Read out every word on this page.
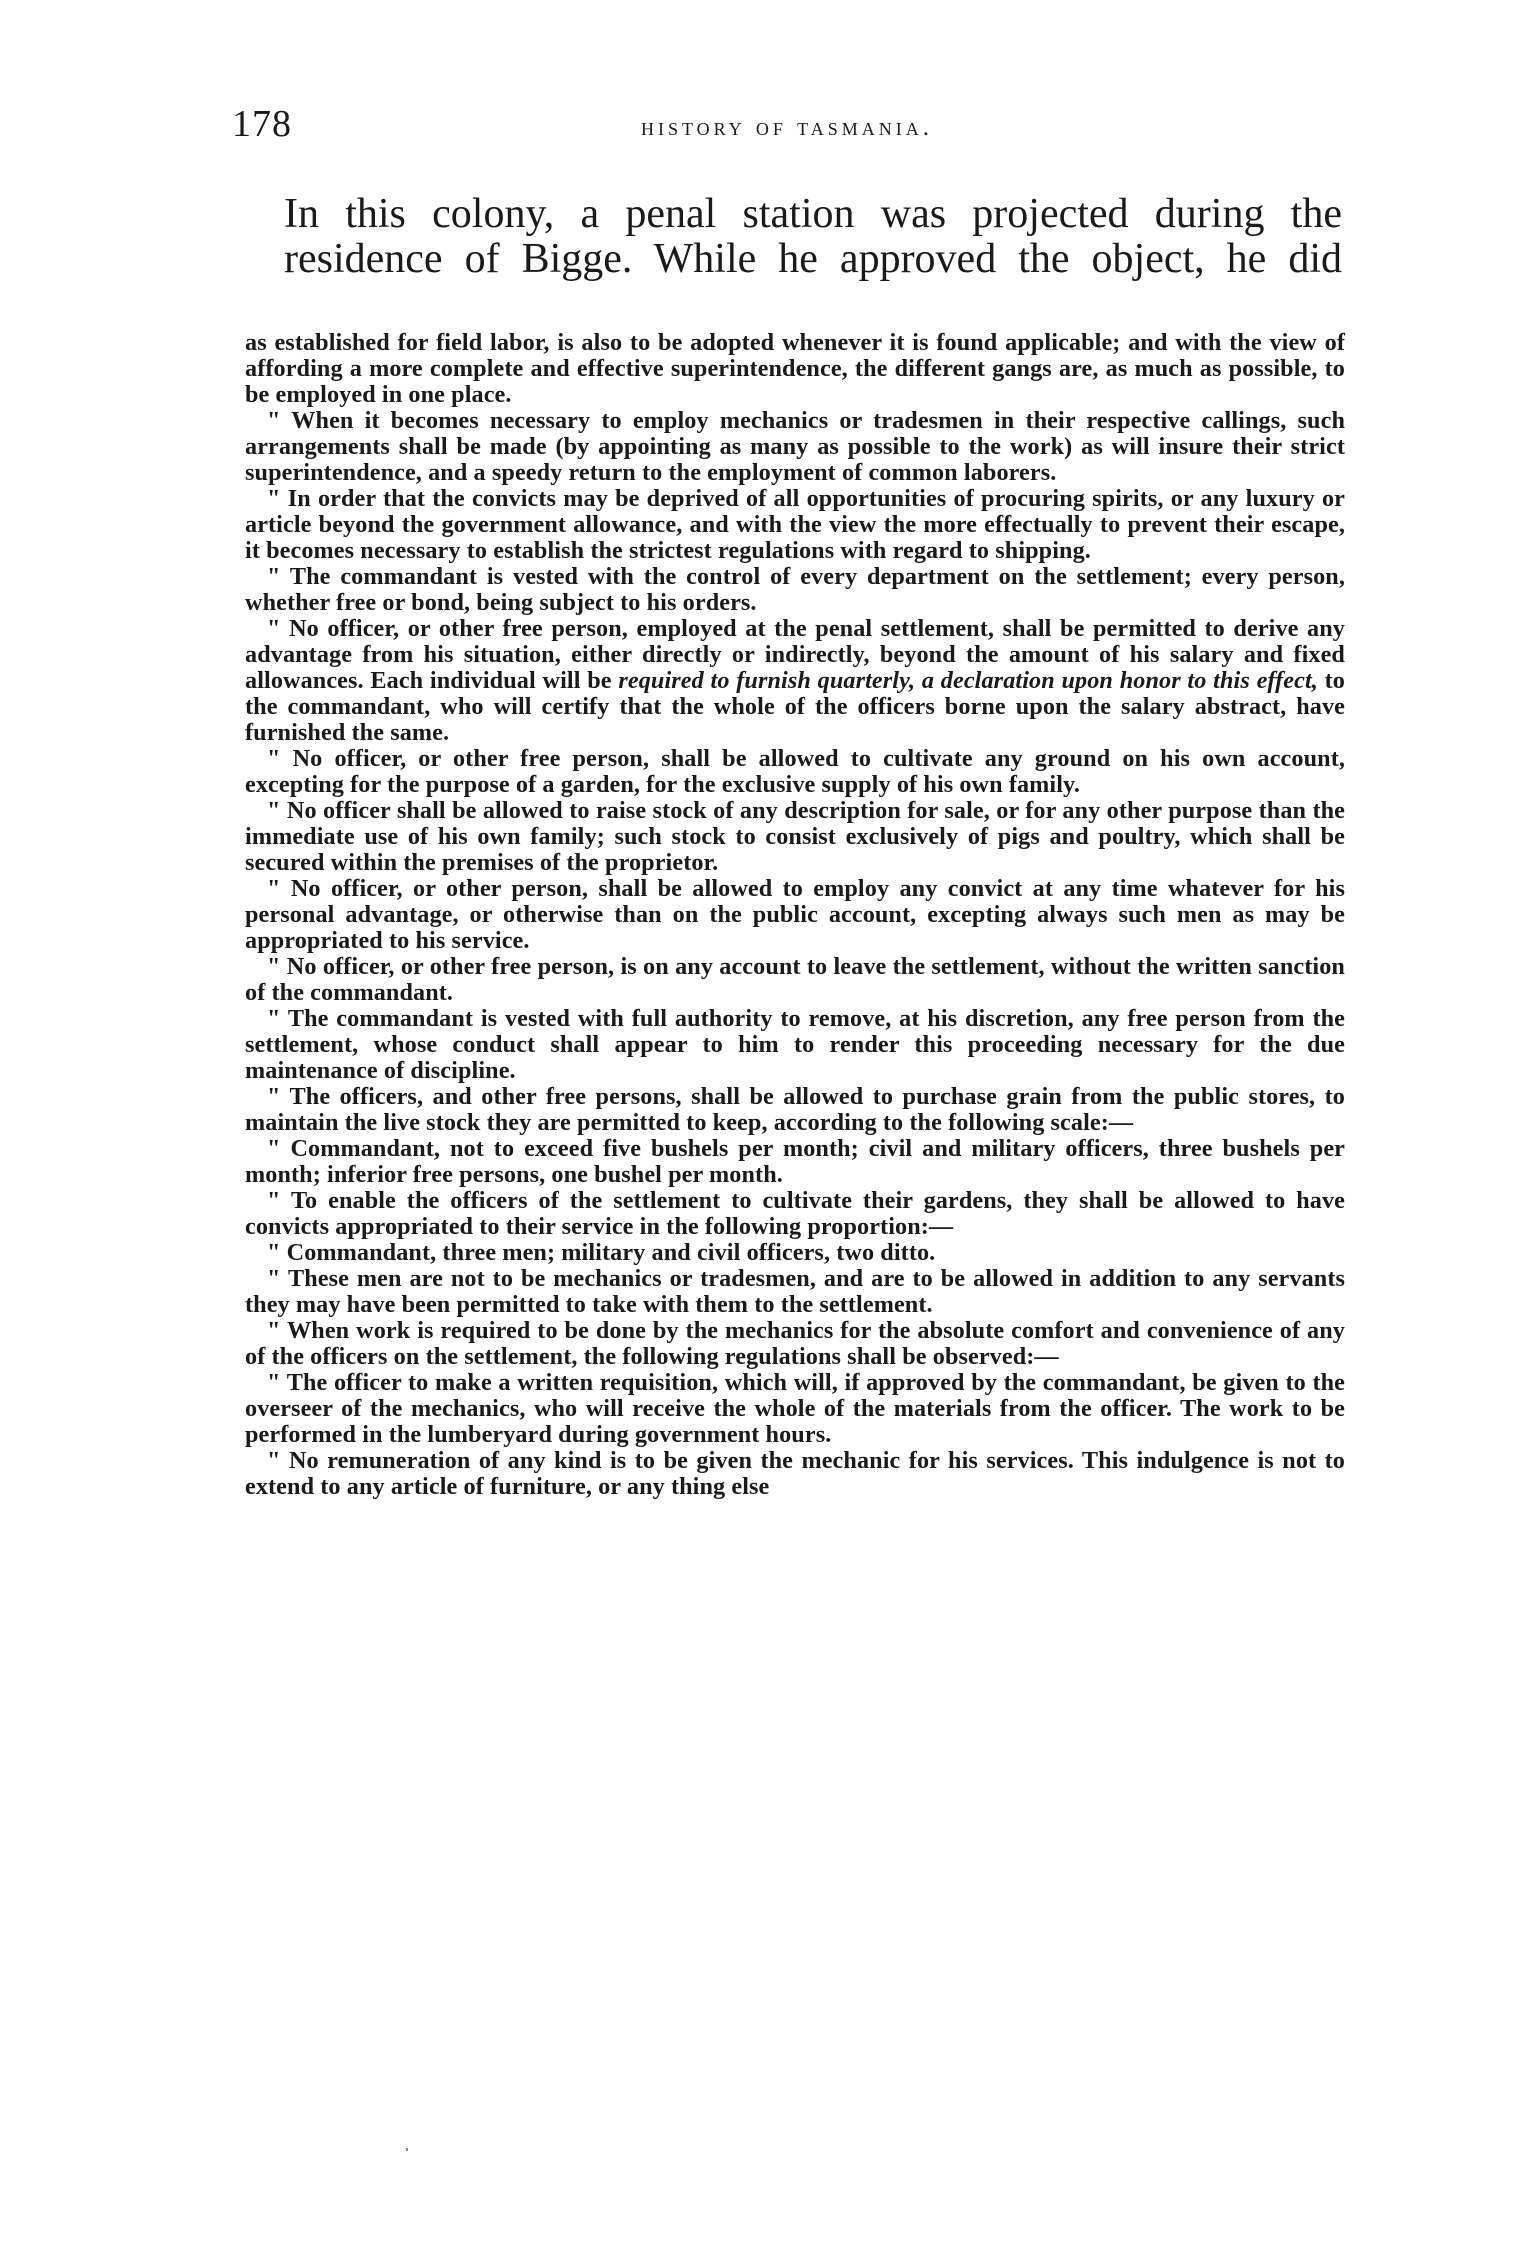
178	history of tasmania.
In this colony, a penal station was projected during the
residence of Bigge. While he approved the object, he did

as established for field labor, is also to be adopted whenever it is found applicable; and with the view of affording a more complete and effective superintendence, the different gangs are, as much as possible, to be employed in one place.

" When it becomes necessary to employ mechanics or tradesmen in their respective callings, such arrangements shall be made (by appointing as many as possible to the work) as will insure their strict superintendence, and a speedy return to the employment of common laborers.

" In order that the convicts may be deprived of all opportunities of procuring spirits, or any luxury or article beyond the government allowance, and with the view the more effectually to prevent their escape, it becomes necessary to establish the strictest regulations with regard to shipping.

" The commandant is vested with the control of every department on the settlement; every person, whether free or bond, being subject to his orders.

" No officer, or other free person, employed at the penal settlement, shall be permitted to derive any advantage from his situation, either directly or indirectly, beyond the amount of his salary and fixed allowances. Each individual will be required to furnish quarterly, a declaration upon honor to this effect, to the commandant, who will certify that the whole of the officers borne upon the salary abstract, have furnished the same.

" No officer, or other free person, shall be allowed to cultivate any ground on his own account, excepting for the purpose of a garden, for the exclusive supply of his own family.

" No officer shall be allowed to raise stock of any description for sale, or for any other purpose than the immediate use of his own family; such stock to consist exclusively of pigs and poultry, which shall be secured within the premises of the proprietor.

" No officer, or other person, shall be allowed to employ any convict at any time whatever for his personal advantage, or otherwise than on the public account, excepting always such men as may be appropriated to his service.

" No officer, or other free person, is on any account to leave the settlement, without the written sanction of the commandant.

" The commandant is vested with full authority to remove, at his discretion, any free person from the settlement, whose conduct shall appear to him to render this proceeding necessary for the due maintenance of discipline.

" The officers, and other free persons, shall be allowed to purchase grain from the public stores, to maintain the live stock they are permitted to keep, according to the following scale:—

" Commandant, not to exceed five bushels per month; civil and military officers, three bushels per month; inferior free persons, one bushel per month.

" To enable the officers of the settlement to cultivate their gardens, they shall be allowed to have convicts appropriated to their service in the following proportion:—

" Commandant, three men; military and civil officers, two ditto.

" These men are not to be mechanics or tradesmen, and are to be allowed in addition to any servants they may have been permitted to take with them to the settlement.

" When work is required to be done by the mechanics for the absolute comfort and convenience of any of the officers on the settlement, the following regulations shall be observed:—

" The officer to make a written requisition, which will, if approved by the commandant, be given to the overseer of the mechanics, who will receive the whole of the materials from the officer. The work to be performed in the lumberyard during government hours.

" No remuneration of any kind is to be given the mechanic for his services. This indulgence is not to extend to any article of furniture, or any thing else
